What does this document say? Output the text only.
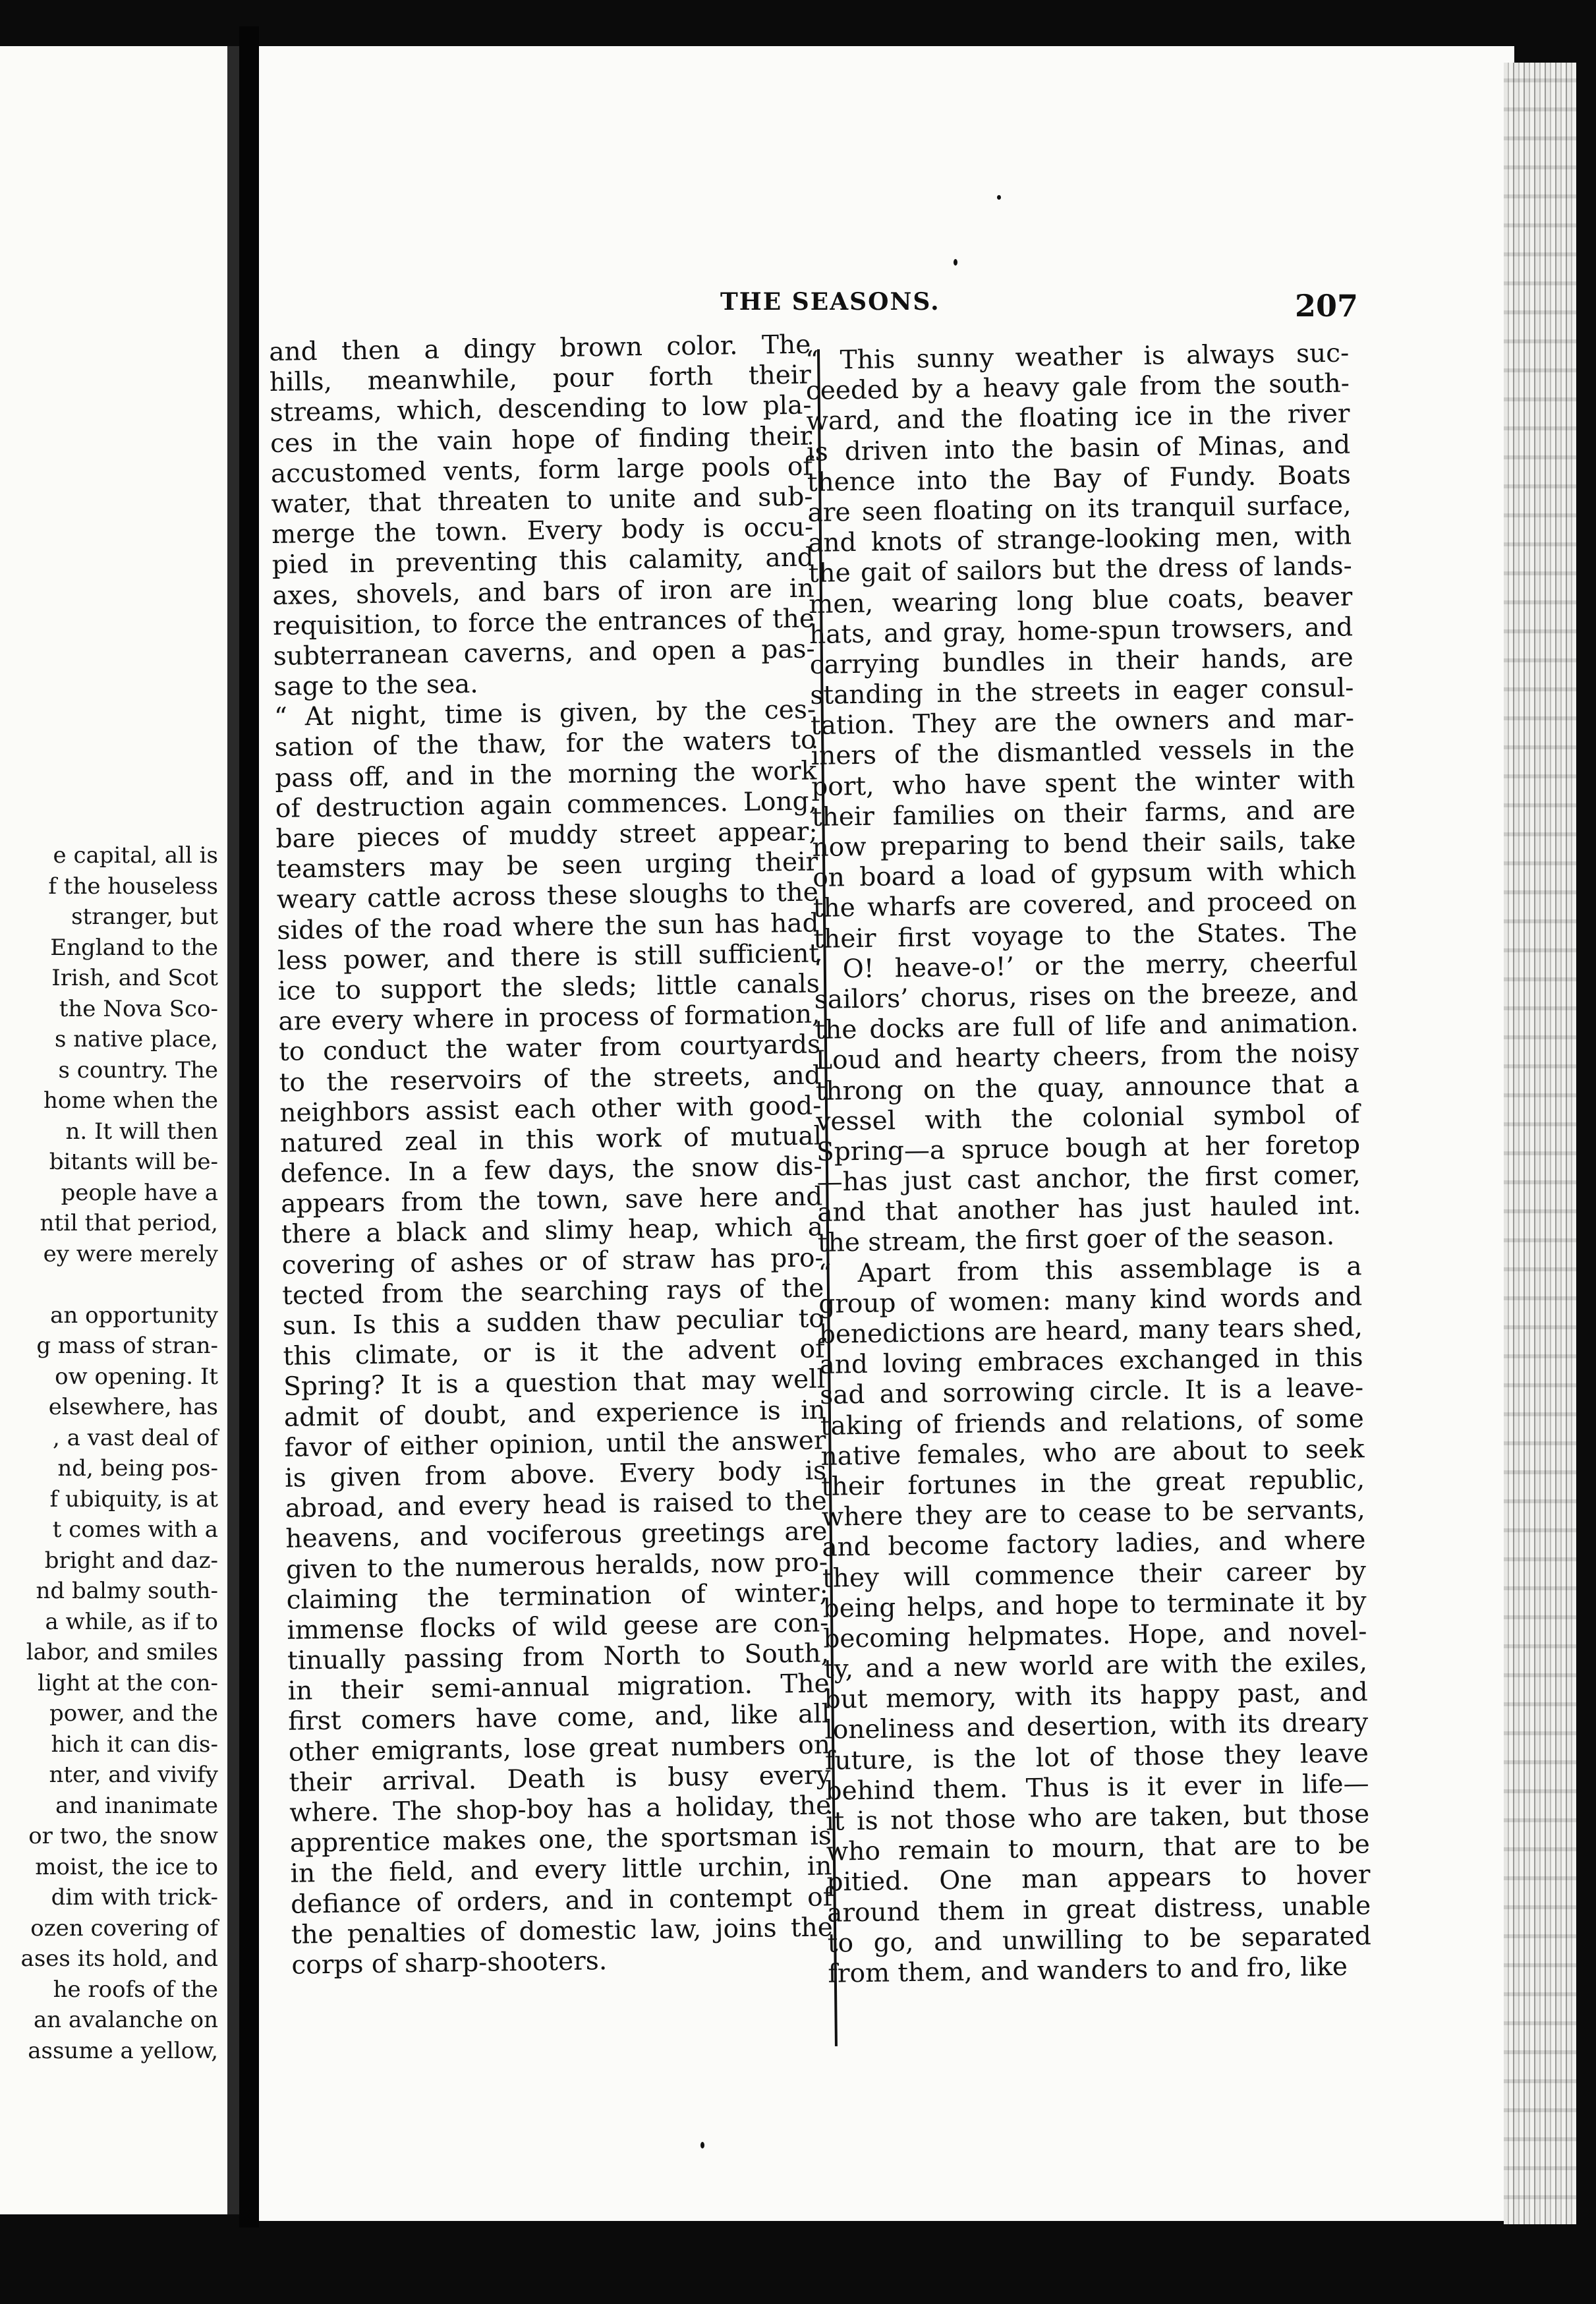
e capital, all is
f the houseless
stranger, but
England to the
Irish, and Scot
the Nova Sco-
s native place,
s country. The
home when the
n. It will then
bitants will be-
people have a
ntil that period,
ey were merely
an opportunity
g mass of stran-
ow opening. It
elsewhere, has
, a vast deal of
nd, being pos-
f ubiquity, is at
t comes with a
bright and daz-
nd balmy south-
a while, as if to
labor, and smiles
light at the con-
power, and the
hich it can dis-
nter, and vivify
and inanimate
or two, the snow
moist, the ice to
dim with trick-
ozen covering of
ases its hold, and
he roofs of the
an avalanche on
assume a yellow,
THE SEASONS.	207
and then a dingy brown color. The
hills, meanwhile, pour forth their
streams, which, descending to low pla-
ces in the vain hope of finding their
accustomed vents, form large pools of
water, that threaten to unite and sub-
merge the town. Every body is occu-
pied in preventing this calamity, and
axes, shovels, and bars of iron are in
requisition, to force the entrances of the
subterranean caverns, and open a pas-
sage to the sea.
“ At night, time is given, by the ces-
sation of the thaw, for the waters to
pass off, and in the morning the work
of destruction again commences. Long,
bare pieces of muddy street appear;
teamsters may be seen urging their
weary cattle across these sloughs to the
sides of the road where the sun has had
less power, and there is still sufficient
ice to support the sleds; little canals
are every where in process of formation,
to conduct the water from courtyards
to the reservoirs of the streets, and
neighbors assist each other with good-
natured zeal in this work of mutual
defence. In a few days, the snow dis-
appears from the town, save here and
there a black and slimy heap, which a
covering of ashes or of straw has pro-
tected from the searching rays of the
sun. Is this a sudden thaw peculiar to
this climate, or is it the advent of
Spring? It is a question that may well
admit of doubt, and experience is in
favor of either opinion, until the answer
is given from above. Every body is
abroad, and every head is raised to the
heavens, and vociferous greetings are
given to the numerous heralds, now pro-
claiming the termination of winter;
immense flocks of wild geese are con-
tinually passing from North to South,
in their semi-annual migration. The
first comers have come, and, like all
other emigrants, lose great numbers on
their arrival. Death is busy every
where. The shop-boy has a holiday, the
apprentice makes one, the sportsman is
in the field, and every little urchin, in
defiance of orders, and in contempt of
the penalties of domestic law, joins the
corps of sharp-shooters.
“ This sunny weather is always suc-
ceeded by a heavy gale from the south-
ward, and the floating ice in the river
is driven into the basin of Minas, and
thence into the Bay of Fundy. Boats
are seen floating on its tranquil surface,
and knots of strange-looking men, with
the gait of sailors but the dress of lands-
men, wearing long blue coats, beaver
hats, and gray, home-spun trowsers, and
carrying bundles in their hands, are
standing in the streets in eager consul-
tation. They are the owners and mar-
iners of the dismantled vessels in the
port, who have spent the winter with
their families on their farms, and are
now preparing to bend their sails, take
on board a load of gypsum with which
the wharfs are covered, and proceed on
their first voyage to the States. The
‘ O! heave-o!’ or the merry, cheerful
sailors’ chorus, rises on the breeze, and
the docks are full of life and animation.
Loud and hearty cheers, from the noisy
throng on the quay, announce that a
vessel with the colonial symbol of
Spring—a spruce bough at her foretop
—has just cast anchor, the first comer,
and that another has just hauled int.
the stream, the first goer of the season.
“ Apart from this assemblage is a
group of women: many kind words and
benedictions are heard, many tears shed,
and loving embraces exchanged in this
sad and sorrowing circle. It is a leave-
taking of friends and relations, of some
native females, who are about to seek
their fortunes in the great republic,
where they are to cease to be servants,
and become factory ladies, and where
they will commence their career by
being helps, and hope to terminate it by
becoming helpmates. Hope, and novel-
ty, and a new world are with the exiles,
but memory, with its happy past, and
loneliness and desertion, with its dreary
future, is the lot of those they leave
behind them. Thus is it ever in life—
it is not those who are taken, but those
who remain to mourn, that are to be
pitied. One man appears to hover
around them in great distress, unable
to go, and unwilling to be separated
from them, and wanders to and fro, like
